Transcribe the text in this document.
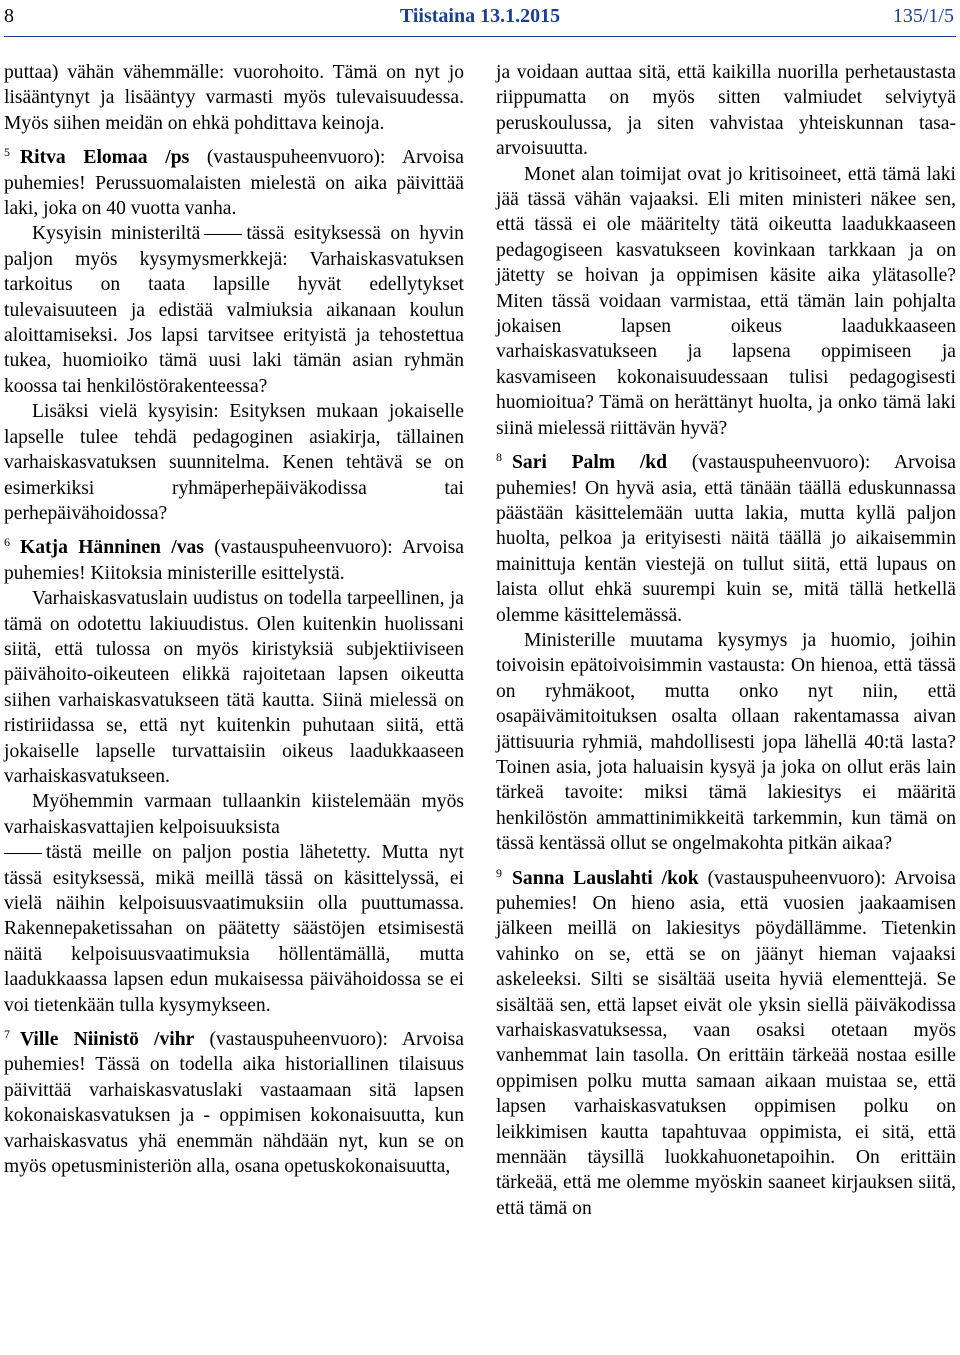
8	Tiistaina 13.1.2015	135/1/5

puttaa) vähän vähemmälle: vuorohoito. Tämä on nyt jo lisääntynyt ja lisääntyy varmasti myös tulevaisuudessa. Myös siihen meidän on ehkä pohdittava keinoja.

$^5$ Ritva Elomaa /ps (vastauspuheenvuoro): Arvoisa puhemies! Perussuomalaisten mielestä on aika päivittää laki, joka on 40 vuotta vanha.

Kysyisin ministeriltä tässä esityksessä on hyvin paljon myös kysymysmerkkejä: Varhaiskasvatuksen tarkoitus on taata lapsille hyvät edellytykset tulevaisuuteen ja edistää valmiuksia aikanaan koulun aloittamiseksi. Jos lapsi tarvitsee erityistä ja tehostettua tukea, huomioiko tämä uusi laki tämän asian ryhmän koossa tai henkilöstörakenteessa?

Lisäksi vielä kysyisin: Esityksen mukaan jokaiselle lapselle tulee tehdä pedagoginen asiakirja, tällainen varhaiskasvatuksen suunnitelma. Kenen tehtävä se on esimerkiksi ryhmäperhepäiväkodissa tai perhepäivähoidossa?

$^6$ Katja Hänninen /vas (vastauspuheenvuoro): Arvoisa puhemies! Kiitoksia ministerille esittelystä.

Varhaiskasvatuslain uudistus on todella tarpeellinen, ja tämä on odotettu lakiuudistus. Olen kuitenkin huolissani siitä, että tulossa on myös kiristyksiä subjektiiviseen päivähoito-oikeuteen elikkä rajoitetaan lapsen oikeutta siihen varhaiskasvatukseen tätä kautta. Siinä mielessä on ristiriidassa se, että nyt kuitenkin puhutaan siitä, että jokaiselle lapselle turvattaisiin oikeus laadukkaaseen varhaiskasvatukseen.

Myöhemmin varmaan tullaankin kiistelemään myös varhaiskasvattajien kelpoisuuksista
tästä meille on paljon postia lähetetty. Mutta nyt tässä esityksessä, mikä meillä tässä on käsittelyssä, ei vielä näihin kelpoisuusvaatimuksiin olla puuttumassa. Rakennepaketissahan on päätetty säästöjen etsimisestä näitä kelpoisuusvaatimuksia höllentämällä, mutta laadukkaassa lapsen edun mukaisessa päivähoidossa se ei voi tietenkään tulla kysymykseen.

$^7$ Ville Niinistö /vihr (vastauspuheenvuoro): Arvoisa puhemies! Tässä on todella aika historiallinen tilaisuus päivittää varhaiskasvatuslaki vastaamaan sitä lapsen kokonaiskasvatuksen ja - oppimisen kokonaisuutta, kun varhaiskasvatus yhä enemmän nähdään nyt, kun se on myös opetusministeriön alla, osana opetuskokonaisuutta,

ja voidaan auttaa sitä, että kaikilla nuorilla perhetaustasta riippumatta on myös sitten valmiudet selviytyä peruskoulussa, ja siten vahvistaa yhteiskunnan tasa-arvoisuutta.

Monet alan toimijat ovat jo kritisoineet, että tämä laki jää tässä vähän vajaaksi. Eli miten ministeri näkee sen, että tässä ei ole määritelty tätä oikeutta laadukkaaseen pedagogiseen kasvatukseen kovinkaan tarkkaan ja on jätetty se hoivan ja oppimisen käsite aika ylätasolle? Miten tässä voidaan varmistaa, että tämän lain pohjalta jokaisen lapsen oikeus laadukkaaseen varhaiskasvatukseen ja lapsena oppimiseen ja kasvamiseen kokonaisuudessaan tulisi pedagogisesti huomioitua? Tämä on herättänyt huolta, ja onko tämä laki siinä mielessä riittävän hyvä?

$^8$ Sari Palm /kd (vastauspuheenvuoro): Arvoisa puhemies! On hyvä asia, että tänään täällä eduskunnassa päästään käsittelemään uutta lakia, mutta kyllä paljon huolta, pelkoa ja erityisesti näitä täällä jo aikaisemmin mainittuja kentän viestejä on tullut siitä, että lupaus on laista ollut ehkä suurempi kuin se, mitä tällä hetkellä olemme käsittelemässä.

Ministerille muutama kysymys ja huomio, joihin toivoisin epätoivoisimmin vastausta: On hienoa, että tässä on ryhmäkoot, mutta onko nyt niin, että osapäivämitoituksen osalta ollaan rakentamassa aivan jättisuuria ryhmiä, mahdollisesti jopa lähellä 40:tä lasta? Toinen asia, jota haluaisin kysyä ja joka on ollut eräs lain tärkeä tavoite: miksi tämä lakiesitys ei määritä henkilöstön ammattinimikkeitä tarkemmin, kun tämä on tässä kentässä ollut se ongelmakohta pitkän aikaa?

$^9$ Sanna Lauslahti /kok (vastauspuheenvuoro): Arvoisa puhemies! On hieno asia, että vuosien jaakaamisen jälkeen meillä on lakiesitys pöydällämme. Tietenkin vahinko on se, että se on jäänyt hieman vajaaksi askeleeksi. Silti se sisältää useita hyviä elementtejä. Se sisältää sen, että lapset eivät ole yksin siellä päiväkodissa varhaiskasvatuksessa, vaan osaksi otetaan myös vanhemmat lain tasolla. On erittäin tärkeää nostaa esille oppimisen polku mutta samaan aikaan muistaa se, että lapsen varhaiskasvatuksen oppimisen polku on leikkimisen kautta tapahtuvaa oppimista, ei sitä, että mennään täysillä luokkahuonetapoihin. On erittäin tärkeää, että me olemme myöskin saaneet kirjauksen siitä, että tämä on
